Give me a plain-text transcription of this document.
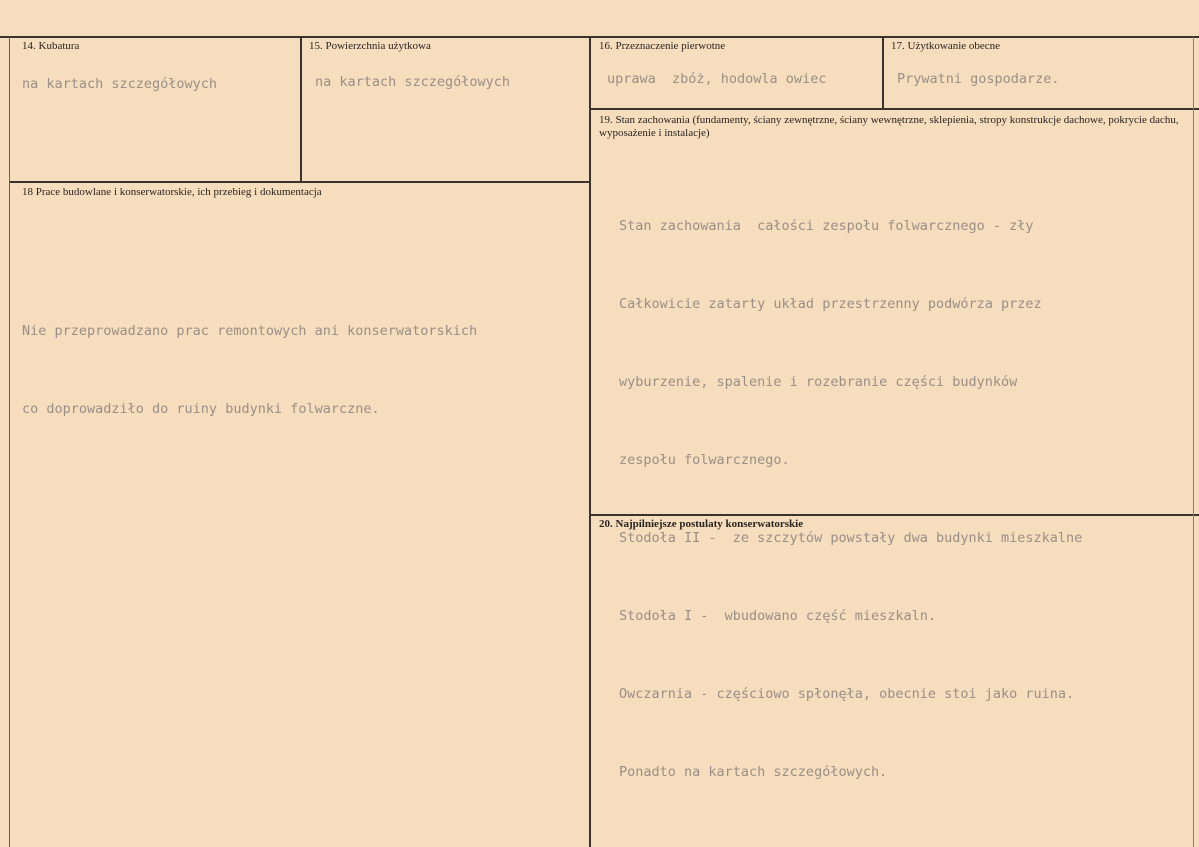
14. Kubatura
na kartach szczegółowych
15. Powierzchnia użytkowa
na kartach szczegółowych
16. Przeznaczenie pierwotne
uprawa  zbóż, hodowla owiec
17. Użytkowanie obecne
Prywatni gospodarze.
18 Prace budowlane i konserwatorskie, ich przebieg i dokumentacja

Nie przeprowadzano prac remontowych ani konserwatorskich

co doprowadziło do ruiny budynki folwarczne.

19. Stan zachowania (fundamenty, ściany zewnętrzne, ściany wewnętrzne, sklepienia, stropy konstrukcje dachowe, pokrycie dachu, wyposażenie i instalacje)

Stan zachowania  całości zespołu folwarcznego - zły

Całkowicie zatarty układ przestrzenny podwórza przez

wyburzenie, spalenie i rozebranie części budynków

zespołu folwarcznego.

Stodoła II -  ze szczytów powstały dwa budynki mieszkalne

Stodoła I -  wbudowano część mieszkaln.

Owczarnia - częściowo spłonęła, obecnie stoi jako ruina.

Ponadto na kartach szczegółowych.

20. Najpilniejsze postulaty konserwatorskie
